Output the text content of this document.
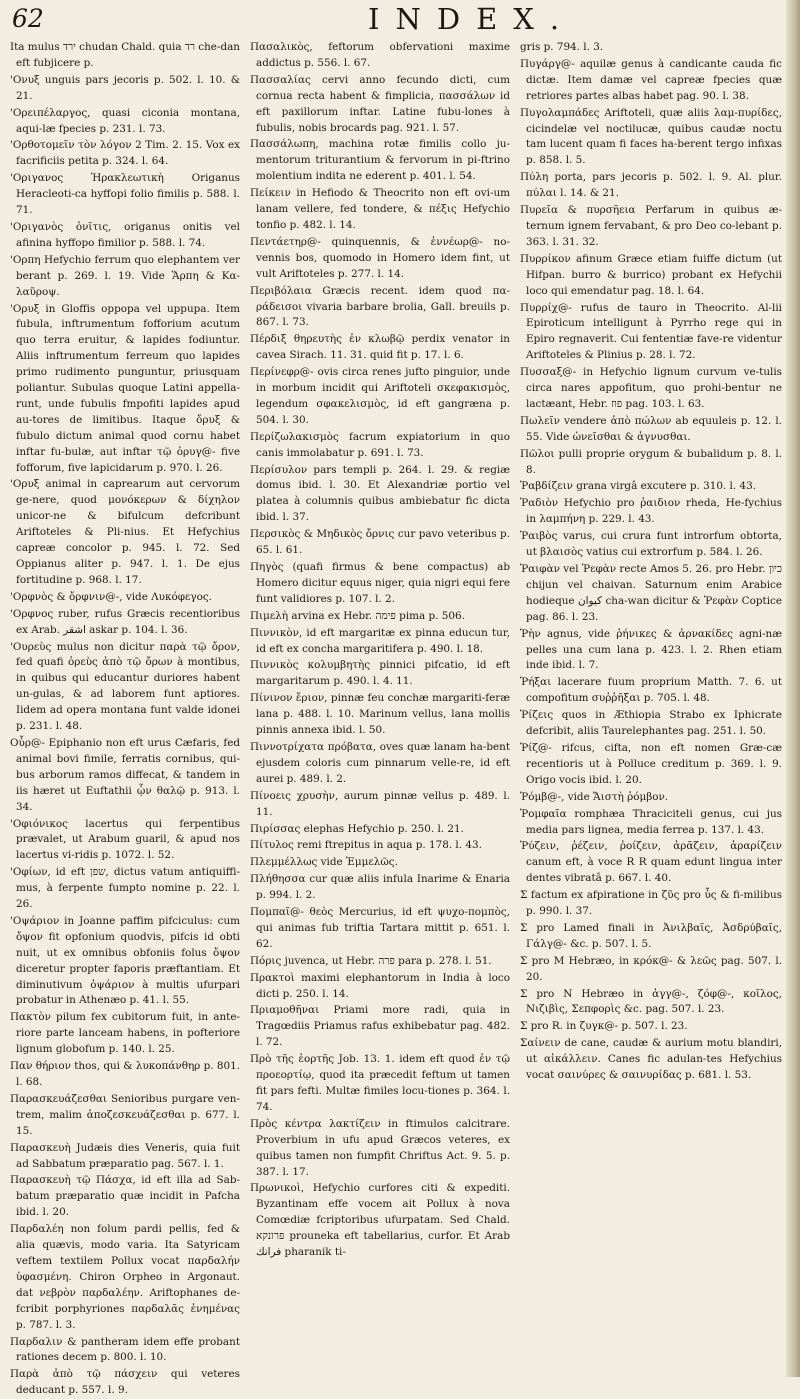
62	INDEX.

Ita mulus ירד chudan Chald. quia רד che-dan eft fubjicere p.

'Ονυξ unguis pars jecoris p. 502. l. 10. & 21.

'Ορειπέλαργος, quasi ciconia montana, aqui-læ fpecies p. 231. l. 73.

'Ορθοτομεῖν τὸν λόγον 2 Tim. 2. 15. Vox ex facrificiis petita p. 324. l. 64.

'Οριγανος Ἡρακλεωτικὴ Origanus Heracleoti-ca hyffopi folio fimilis p. 588. l. 71.

'Οριγανὸς ὀνῖτις, origanus onitis vel afinina hyffopo fimilior p. 588. l. 74.

'Ορπη Hefychio ferrum quo elephantem ver berant p. 269. l. 19. Vide Ἅρπη & Κα-λαῦροψ.

'Ορυξ in Gloffis oppopa vel uppupa. Item fubula, inftrumentum fofforium acutum quo terra eruitur, & lapides fodiuntur. Aliis inftrumentum ferreum quo lapides primo rudimento punguntur, priusquam poliantur. Subulas quoque Latini appella-runt, unde fubulis fmpofiti lapides apud au-tores de limitibus. Itaque ὄρυξ & fubulo dictum animal quod cornu habet inftar fu-bulæ, aut inftar τῷ ὀρυγ@- five fofforum, five lapicidarum p. 970. l. 26.

'Ορυξ animal in caprearum aut cervorum ge-nere, quod μονόκερων & δίχηλον unicor-ne & bifulcum defcribunt Ariftoteles & Pli-nius. Et Hefychius capreæ concolor p. 945. l. 72. Sed Oppianus aliter p. 947. l. 1. De ejus fortitudine p. 968. l. 17.

'Ορφνὸς & ὄρφνιν@-, vide Λυκόφεγος.

'Ορφνος ruber, rufus Græcis recentioribus ex Arab. اشقر askar p. 104. l. 36.

'Ουρεὺς mulus non dicitur παρὰ τῷ ὄρον, fed quafi ὀρεὺς ἀπὸ τῷ ὄρων à montibus, in quibus qui educantur duriores habent un-gulas, & ad laborem funt aptiores. Iidem ad opera montana funt valde idonei p. 231. l. 48.

Οὖρ@- Epiphanio non eft urus Cæfaris, fed animal bovi fimile, ferratis cornibus, qui-bus arborum ramos diffecat, & tandem in iis hæret ut Euftathii ᾧν θαλῷ p. 913. l. 34.

'Οφιόνικος lacertus qui ferpentibus prævalet, ut Arabum guaril, & apud nos lacertus vi-ridis p. 1072. l. 52.

'Οφίων, id eft שפן, dictus vatum antiquiffi-mus, à ferpente fumpto nomine p. 22. l. 26.

'Οψάριον in Joanne paffim pifciculus: cum ὄψον fit opfonium quodvis, pifcis id obti nuit, ut ex omnibus obfoniis folus ὄψον diceretur propter faporis præftantiam. Et diminutivum ὀψάριον à multis ufurpari probatur in Athenæo p. 41. l. 55.

Πακτὸν pilum fex cubitorum fuit, in ante-riore parte lanceam habens, in pofteriore lignum globofum p. 140. l. 25.

Παν θήριον thos, qui & λυκοπάνθηρ p. 801. l. 68.

Παρασκευάζεσθαι Senioribus purgare ven-trem, malim ἀποζεσκευάζεσθαι p. 677. l. 15.

Παρασκευὴ Judæis dies Veneris, quia fuit ad Sabbatum præparatio pag. 567. l. 1.

Παρασκευὴ τῷ Πάσχα, id eft illa ad Sab-batum præparatio quæ incidit in Pafcha ibid. l. 20.

Παρδαλέη non folum pardi pellis, fed & alia quævis, modo varia. Ita Satyricam veftem textilem Pollux vocat παρδαλήν ὑφασμένη. Chiron Orpheo in Argonaut. dat νεβρὸν παρδαλέην. Ariftophanes de-fcribit porphyriones παρδαλᾶς ἐνημένας p. 787. l. 3.

Παρδαλιν & pantheram idem effe probant rationes decem p. 800. l. 10.

Παρὰ ἀπὸ τῷ πάσχειν qui veteres deducant p. 557. l. 9.

Πασαλικὸς, feftorum obfervationi maxime addictus p. 556. l. 67.

Πασσαλίας cervi anno fecundo dicti, cum cornua recta habent & fimplicia, πασσάλων id eft paxillorum inftar. Latine fubu-lones à fubulis, nobis brocards pag. 921. l. 57.

Πασσάλωπη, machina rotæ fimilis collo ju-mentorum triturantium & fervorum in pi-ftrino molentium indita ne ederent p. 401. l. 54.

Πείκειν in Hefiodo & Theocrito non eft ovi-um lanam vellere, fed tondere, & πέξις Hefychio tonfio p. 482. l. 14.

Πεντάετηρ@- quinquennis, & ἐννέωρ@- no-vennis bos, quomodo in Homero idem fint, ut vult Ariftoteles p. 277. l. 14.

Περιβόλαια Græcis recent. idem quod πα-ράδεισοι vivaria barbare brolia, Gall. breuils p. 867. l. 73.

Πέρδιξ θηρευτὴς ἐν κλωβῷ perdix venator in cavea Sirach. 11. 31. quid fit p. 17. l. 6.

Περίνεφρ@- ovis circa renes jufto pinguior, unde in morbum incidit qui Ariftoteli σκεφακισμὸς, legendum σφακελισμὸς, id eft gangræna p. 504. l. 30.

Περίζωλακισμὸς facrum expiatorium in quo canis immolabatur p. 691. l. 73.

Περίσυλον pars templi p. 264. l. 29. & regiæ domus ibid. l. 30. Et Alexandriæ portio vel platea à columnis quibus ambiebatur fic dicta ibid. l. 37.

Περσικὸς & Μηδικὸς ὄρνις cur pavo veteribus p. 65. l. 61.

Πηγὸς (quafi firmus & bene compactus) ab Homero dicitur equus niger, quia nigri equi fere funt validiores p. 107. l. 2.

Πιμελὴ arvina ex Hebr. פימה pima p. 506.

Πιννικὸν, id eft margaritæ ex pinna educun tur, id eft ex concha margaritifera p. 490. l. 18.

Πιννικὸς κολυμβητὴς pinnici pifcatio, id eft margaritarum p. 490. l. 4. 11.

Πίνινον ἔριον, pinnæ feu conchæ margariti-feræ lana p. 488. l. 10. Marinum vellus, lana mollis pinnis annexa ibid. l. 50.

Πιννοτρίχατα πρόβατα, oves quæ lanam ha-bent ejusdem coloris cum pinnarum velle-re, id eft aurei p. 489. l. 2.

Πίνοεις χρυσὴν, aurum pinnæ vellus p. 489. l. 11.

Πιρίσσας elephas Hefychio p. 250. l. 21.

Πίτυλος remi ftrepitus in aqua p. 178. l. 43.

Πλεμμέλλως vide Ἐμμελῶς.

Πλήθησσα cur quæ aliis infula Inarime & Enaria p. 994. l. 2.

Πομπαῖ@- θεὸς Mercurius, id eft ψυχο-πομπὸς, qui animas fub triftia Tartara mittit p. 651. l. 62.

Πόρις juvenca, ut Hebr. פרה para p. 278. l. 51.

Πρακτοὶ maximi elephantorum in India à loco dicti p. 250. l. 14.

Πριαμοθῆναι Priami more radi, quia in Tragœdiis Priamus rafus exhibebatur pag. 482. l. 72.

Πρὸ τῆς ἑορτῆς Job. 13. 1. idem eft quod ἐν τῷ προεορτίῳ, quod ita præcedit feftum ut tamen fit pars fefti. Multæ fimiles locu-tiones p. 364. l. 74.

Πρὸς κέντρα λακτίζειν in ftimulos calcitrare. Proverbium in ufu apud Græcos veteres, ex quibus tamen non fumpfit Chriftus Act. 9. 5. p. 387. l. 17.

Πρωνικοὶ, Hefychio curfores citi & expediti. Byzantinam effe vocem ait Pollux à nova Comœdiæ fcriptoribus ufurpatam. Sed Chald. פרונקא prouneka eft tabellarius, curfor. Et Arab فرانك pharanik ti-

gris p. 794. l. 3.

Πυγάργ@- aquilæ genus à candicante cauda fic dictæ. Item damæ vel capreæ fpecies quæ retriores partes albas habet pag. 90. l. 38.

Πυγολαμπάδες Ariftoteli, quæ aliis λαμ-πυρίδες, cicindelæ vel noctilucæ, quibus caudæ noctu tam lucent quam fi faces ha-berent tergo infixas p. 858. l. 5.

Πύλη porta, pars jecoris p. 502. l. 9. Al. plur. πύλαι l. 14. & 21.

Πυρεῖα & πυρσῆεια Perfarum in quibus æ-ternum ignem fervabant, & pro Deo co-lebant p. 363. l. 31. 32.

Πυρρίκον afinum Græce etiam fuiffe dictum (ut Hifpan. burro & burrico) probant ex Hefychii loco qui emendatur pag. 18. l. 64.

Πυρρίχ@- rufus de tauro in Theocrito. Al-lii Epiroticum intelligunt à Pyrrho rege qui in Epiro regnaverit. Cui fententiæ fave-re videntur Ariftoteles & Plinius p. 28. l. 72.

Πυσσαξ@- in Hefychio lignum curvum ve-tulis circa nares appofitum, quo prohi-bentur ne lactæant, Hebr. פוז pag. 103. l. 63.

Πωλεῖν vendere ἀπὸ πώλων ab equuleis p. 12. l. 55. Vide ὠνεῖσθαι & ἀγνυσθαι.

Πῶλοι pulli proprie orygum & bubalidum p. 8. l. 8.

Ῥαβδίζειν grana virgâ excutere p. 310. l. 43.

Ῥαδιὸν Hefychio pro ῥαιδιον rheda, He-fychius in λαμπήνη p. 229. l. 43.

Ῥαιβὸς varus, cui crura funt introrfum obtorta, ut βλαισὸς vatius cui extrorfum p. 584. l. 26.

Ῥαιφὰν vel Ῥεφὰν recte Amos 5. 26. pro Hebr. כיון chijun vel chaivan. Saturnum enim Arabice hodieque كيوان cha-wan dicitur & Ῥεφὰν Coptice pag. 86. l. 23.

Ῥὴν agnus, vide ῥήνικες & ἀρνακίδες agni-næ pelles una cum lana p. 423. l. 2. Rhen etiam inde ibid. l. 7.

Ῥήξαι lacerare fuum proprium Matth. 7. 6. ut compofitum συῤῥῆξαι p. 705. l. 48.

Ῥίζεις quos in Æthiopia Strabo ex Iphicrate defcribit, aliis Taurelephantes pag. 251. l. 50.

Ῥίζ@- rifcus, cifta, non eft nomen Græ-cæ recentioris ut à Polluce creditum p. 369. l. 9. Origo vocis ibid. l. 20.

Ῥόμβ@-, vide Ἄιστὴ ῥόμβον.

Ῥομφαῖα romphæa Thraciciteli genus, cui jus media pars lignea, media ferrea p. 137. l. 43.

Ῥύζειν, ῥέζειν, ῥοίζειν, ἀρᾶζειν, ἀραρίζειν canum eft, à voce R R quam edunt lingua inter dentes vibratâ p. 667. l. 40.

Σ factum ex afpiratione in ζῦς pro ὗς & fi-milibus p. 990. l. 37.

Σ pro Lamed finali in Ἀνιλβαῖς, Ἀσδρύβαῖς, Γάλγ@- &c. p. 507. l. 5.

Σ pro M Hebræo, in κρόκ@- & λεῶς pag. 507. l. 20.

Σ pro N Hebræo in ἀγγ@-, ζόφ@-, κοῖλος, Νιζιβὶς, Σεπφορὶς &c. pag. 507. l. 23.

Σ pro R. in ζυγκ@- p. 507. l. 23.

Σαίνειν de cane, caudæ & aurium motu blandiri, ut αἰκάλλειν. Canes fic adulan-tes Hefychius vocat σαινύρες & σαινυρίδας p. 681. l. 53.
